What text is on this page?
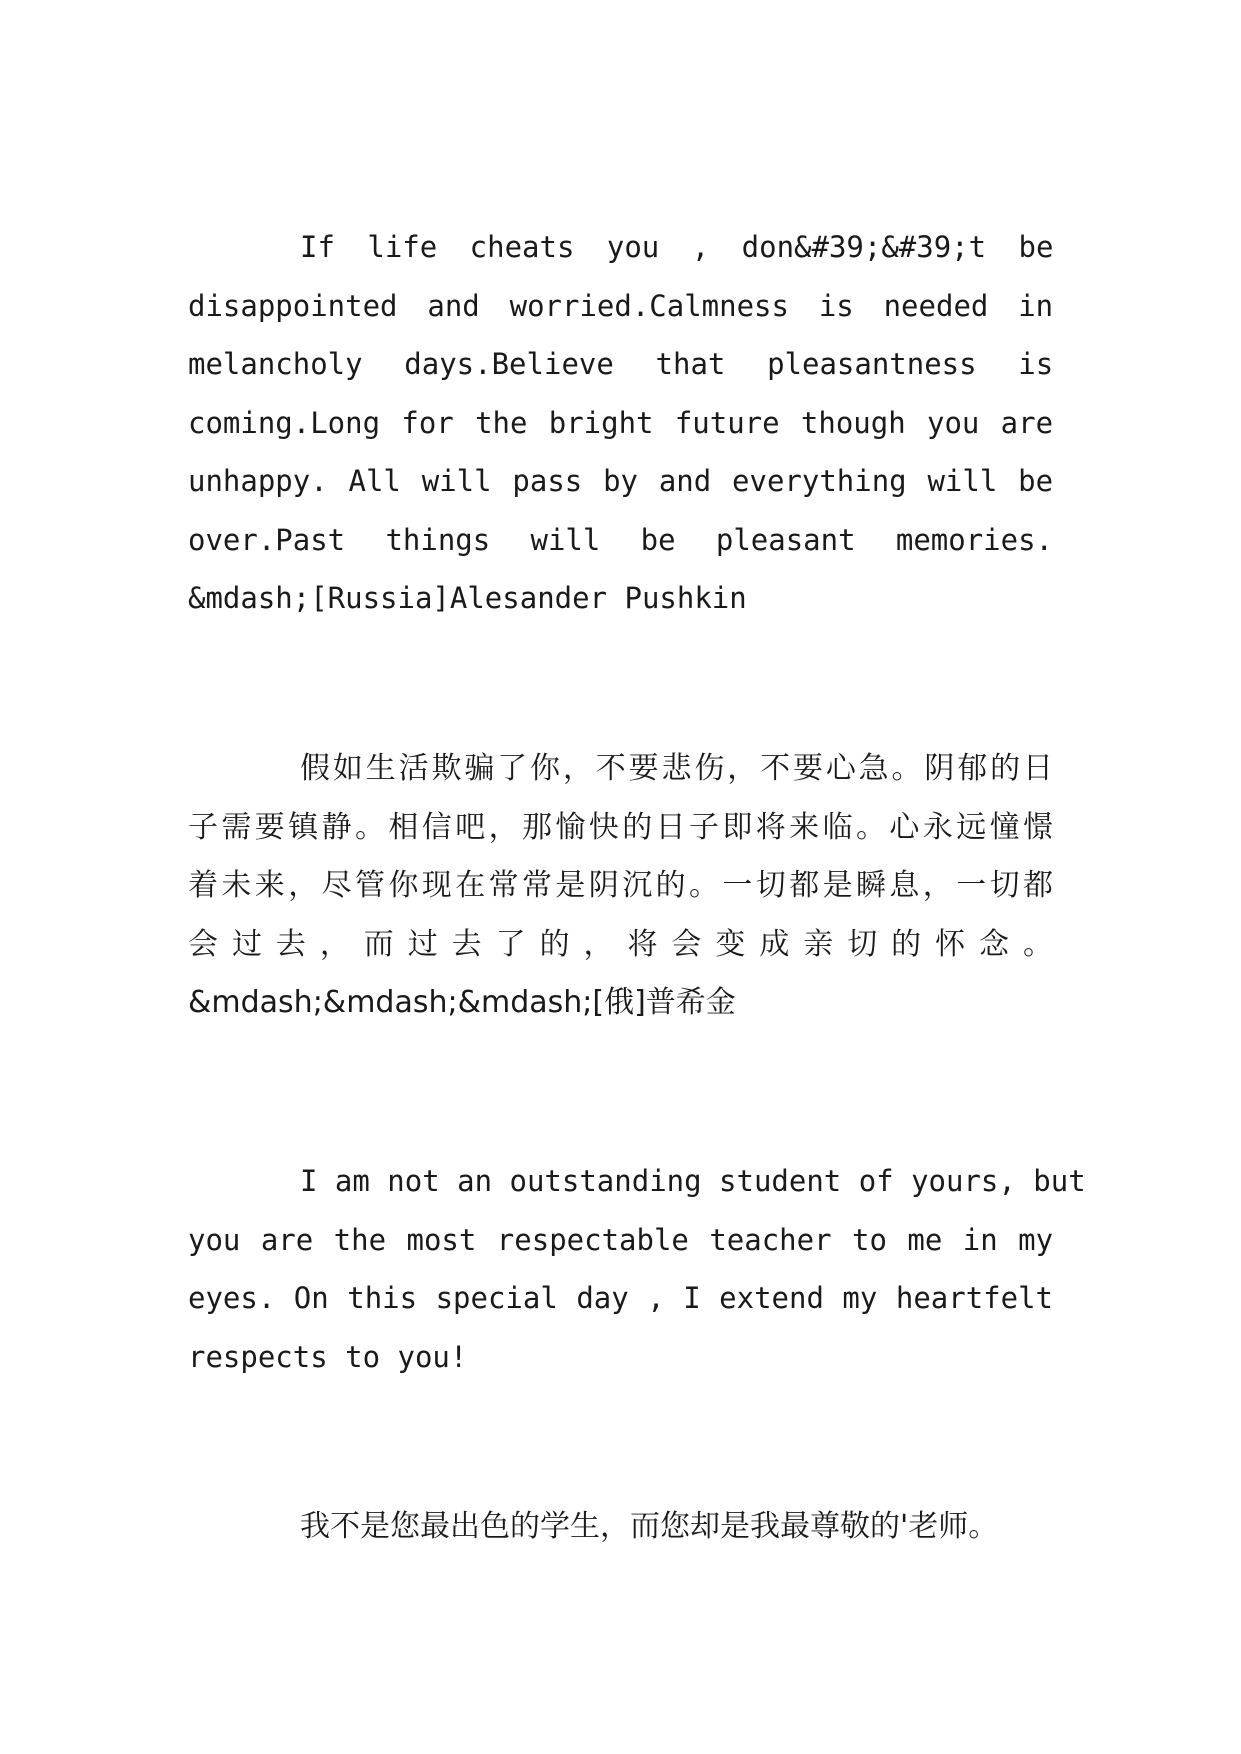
If life cheats you , don&#39;&#39;t be
disappointed and worried.Calmness is needed in
melancholy days.Believe that pleasantness is
coming.Long for the bright future though you are
unhappy. All will pass by and everything will be
over.Past things will be pleasant memories.
&mdash;[Russia]Alesander Pushkin
假如生活欺骗了你，不要悲伤，不要心急。阴郁的日
子需要镇静。相信吧，那愉快的日子即将来临。心永远憧憬
着未来，尽管你现在常常是阴沉的。一切都是瞬息，一切都
会过去，而过去了的，将会变成亲切的怀念。
&mdash;&mdash;&mdash;[俄]普希金
I am not an outstanding student of yours, but
you are the most respectable teacher to me in my
eyes. On this special day , I extend my heartfelt
respects to you!
我不是您最出色的学生，而您却是我最尊敬的'老师。
